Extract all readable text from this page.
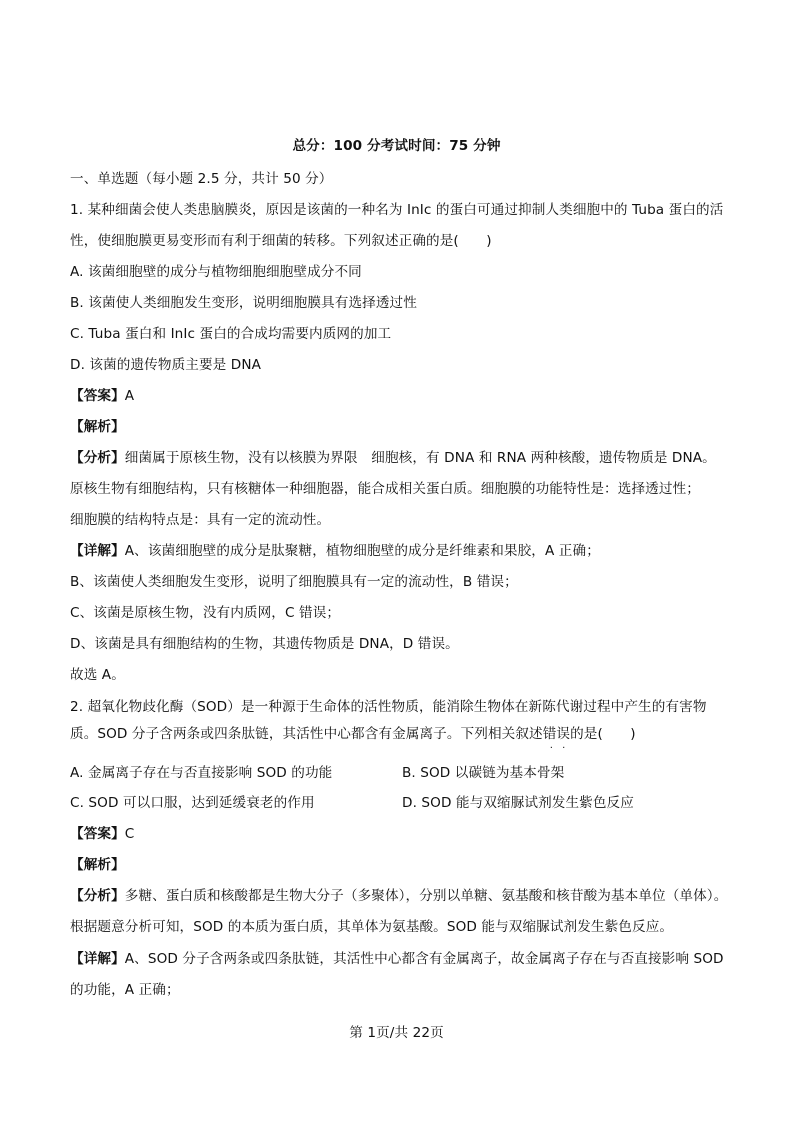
总分：100 分考试时间：75 分钟
一、单选题（每小题 2.5 分，共计 50 分）
1. 某种细菌会使人类患脑膜炎，原因是该菌的一种名为 InIc 的蛋白可通过抑制人类细胞中的 Tuba 蛋白的活
性，使细胞膜更易变形而有利于细菌的转移。下列叙述正确的是(　　)
A. 该菌细胞壁的成分与植物细胞细胞壁成分不同
B. 该菌使人类细胞发生变形，说明细胞膜具有选择透过性
C. Tuba 蛋白和 InIc 蛋白的合成均需要内质网的加工
D. 该菌的遗传物质主要是 DNA
【答案】A
【解析】
【分析】细菌属于原核生物，没有以核膜为界限　细胞核，有 DNA 和 RNA 两种核酸，遗传物质是 DNA。
原核生物有细胞结构，只有核糖体一种细胞器，能合成相关蛋白质。细胞膜的功能特性是：选择透过性；
细胞膜的结构特点是：具有一定的流动性。
【详解】A、该菌细胞壁的成分是肽聚糖，植物细胞壁的成分是纤维素和果胶，A 正确；
B、该菌使人类细胞发生变形，说明了细胞膜具有一定的流动性，B 错误；
C、该菌是原核生物，没有内质网，C 错误；
D、该菌是具有细胞结构的生物，其遗传物质是 DNA，D 错误。
故选 A。
2. 超氧化物歧化酶（SOD）是一种源于生命体的活性物质，能消除生物体在新陈代谢过程中产生的有害物
质。SOD 分子含两条或四条肽链，其活性中心都含有金属离子。下列相关叙述错误 · ·的是(　　)
A. 金属离子存在与否直接影响 SOD 的功能	B. SOD 以碳链为基本骨架
C. SOD 可以口服，达到延缓衰老的作用	D. SOD 能与双缩脲试剂发生紫色反应
【答案】C
【解析】
【分析】多糖、蛋白质和核酸都是生物大分子（多聚体），分别以单糖、氨基酸和核苷酸为基本单位（单体）。
根据题意分析可知，SOD 的本质为蛋白质，其单体为氨基酸。SOD 能与双缩脲试剂发生紫色反应。
【详解】A、SOD 分子含两条或四条肽链，其活性中心都含有金属离子，故金属离子存在与否直接影响 SOD
的功能，A 正确；
第 1页/共 22页
